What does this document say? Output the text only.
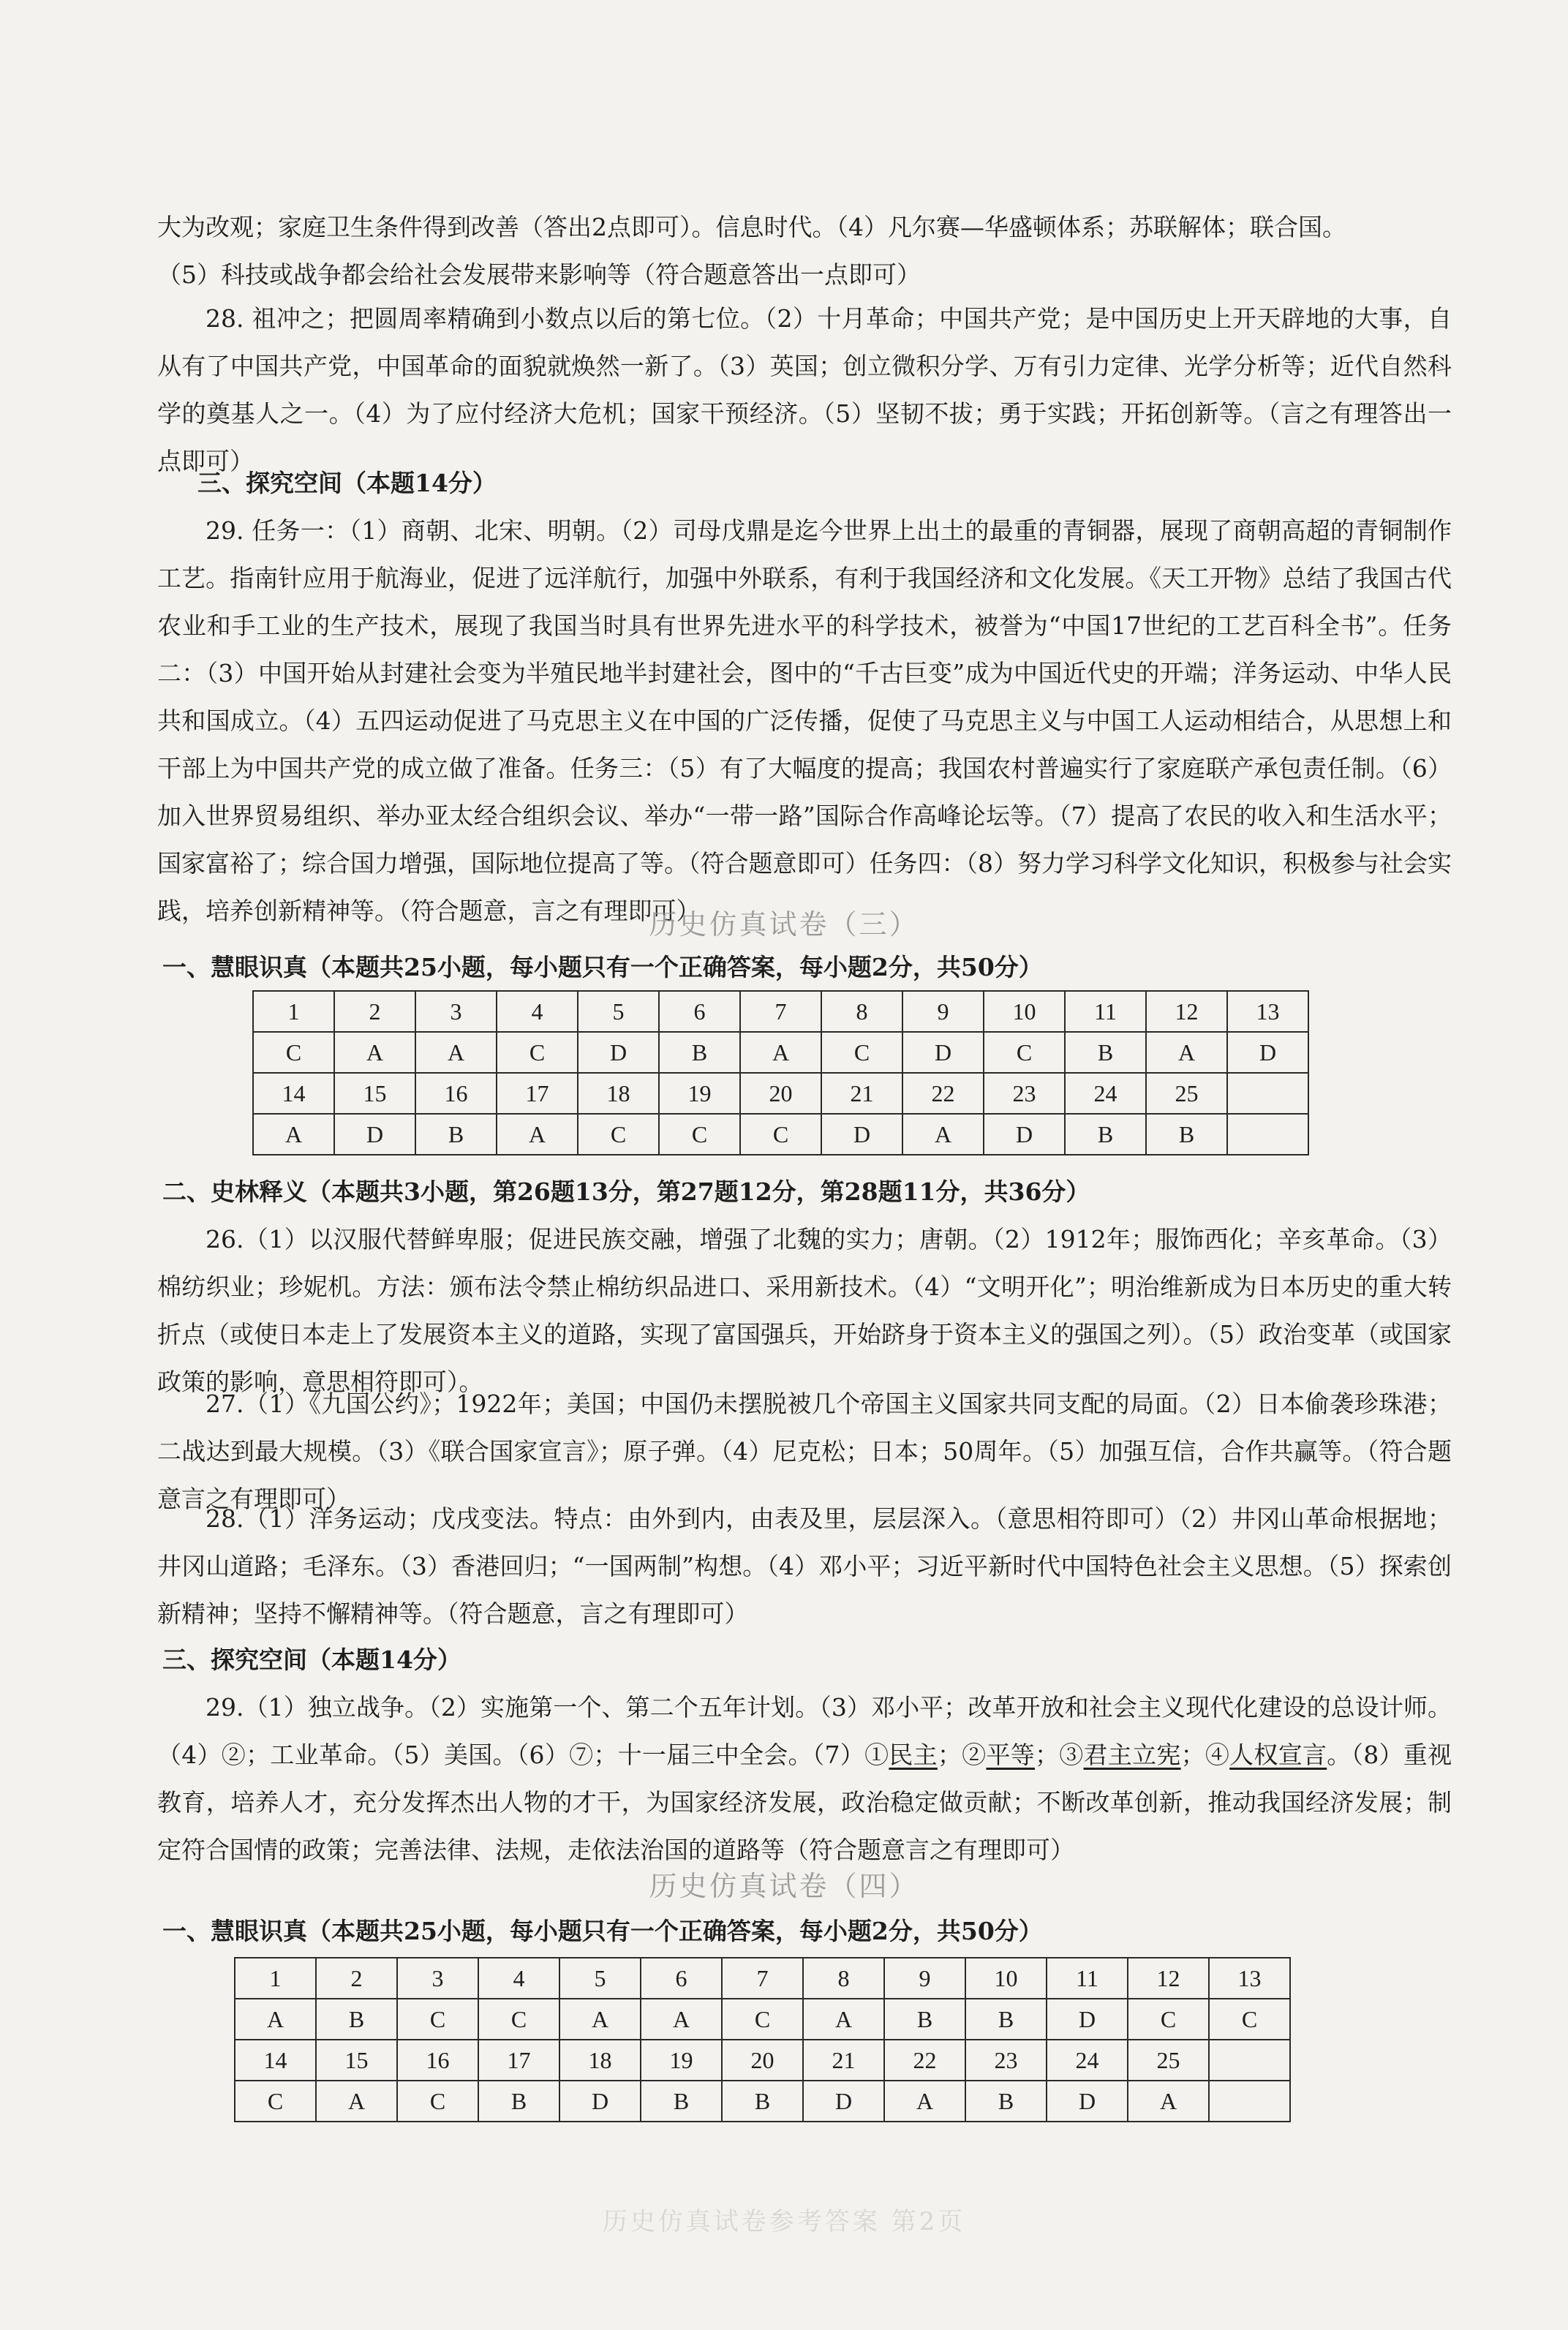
大为改观；家庭卫生条件得到改善（答出2点即可）。信息时代。（4）凡尔赛—华盛顿体系；苏联解体；联合国。
（5）科技或战争都会给社会发展带来影响等（符合题意答出一点即可）

28. 祖冲之；把圆周率精确到小数点以后的第七位。（2）十月革命；中国共产党；是中国历史上开天辟地的大事，自从有了中国共产党，中国革命的面貌就焕然一新了。（3）英国；创立微积分学、万有引力定律、光学分析等；近代自然科学的奠基人之一。（4）为了应付经济大危机；国家干预经济。（5）坚韧不拔；勇于实践；开拓创新等。（言之有理答出一点即可）

三、探究空间（本题14分）

29. 任务一：（1）商朝、北宋、明朝。（2）司母戊鼎是迄今世界上出土的最重的青铜器，展现了商朝高超的青铜制作工艺。指南针应用于航海业，促进了远洋航行，加强中外联系，有利于我国经济和文化发展。《天工开物》总结了我国古代农业和手工业的生产技术，展现了我国当时具有世界先进水平的科学技术，被誉为“中国17世纪的工艺百科全书”。任务二：（3）中国开始从封建社会变为半殖民地半封建社会，图中的“千古巨变”成为中国近代史的开端；洋务运动、中华人民共和国成立。（4）五四运动促进了马克思主义在中国的广泛传播，促使了马克思主义与中国工人运动相结合，从思想上和干部上为中国共产党的成立做了准备。任务三：（5）有了大幅度的提高；我国农村普遍实行了家庭联产承包责任制。（6）加入世界贸易组织、举办亚太经合组织会议、举办“一带一路”国际合作高峰论坛等。（7）提高了农民的收入和生活水平；国家富裕了；综合国力增强，国际地位提高了等。（符合题意即可）任务四：（8）努力学习科学文化知识，积极参与社会实践，培养创新精神等。（符合题意，言之有理即可）

历史仿真试卷（三）

一、慧眼识真（本题共25小题，每小题只有一个正确答案，每小题2分，共50分）

1	2	3	4	5	6	7	8	9	10	11	12	13
C	A	A	C	D	B	A	C	D	C	B	A	D
14	15	16	17	18	19	20	21	22	23	24	25	
A	D	B	A	C	C	C	D	A	D	B	B	

二、史林释义（本题共3小题，第26题13分，第27题12分，第28题11分，共36分）

26.（1）以汉服代替鲜卑服；促进民族交融，增强了北魏的实力；唐朝。（2）1912年；服饰西化；辛亥革命。（3）棉纺织业；珍妮机。方法：颁布法令禁止棉纺织品进口、采用新技术。（4）“文明开化”；明治维新成为日本历史的重大转折点（或使日本走上了发展资本主义的道路，实现了富国强兵，开始跻身于资本主义的强国之列）。（5）政治变革（或国家政策的影响，意思相符即可）。

27.（1）《九国公约》；1922年；美国；中国仍未摆脱被几个帝国主义国家共同支配的局面。（2）日本偷袭珍珠港；二战达到最大规模。（3）《联合国家宣言》；原子弹。（4）尼克松；日本；50周年。（5）加强互信，合作共赢等。（符合题意言之有理即可）

28.（1）洋务运动；戊戌变法。特点：由外到内，由表及里，层层深入。（意思相符即可）（2）井冈山革命根据地；井冈山道路；毛泽东。（3）香港回归；“一国两制”构想。（4）邓小平；习近平新时代中国特色社会主义思想。（5）探索创新精神；坚持不懈精神等。（符合题意，言之有理即可）

三、探究空间（本题14分）

29.（1）独立战争。（2）实施第一个、第二个五年计划。（3）邓小平；改革开放和社会主义现代化建设的总设计师。（4）②；工业革命。（5）美国。（6）⑦；十一届三中全会。（7）①民主；②平等；③君主立宪；④人权宣言。（8）重视教育，培养人才，充分发挥杰出人物的才干，为国家经济发展，政治稳定做贡献；不断改革创新，推动我国经济发展；制定符合国情的政策；完善法律、法规，走依法治国的道路等（符合题意言之有理即可）

历史仿真试卷（四）

一、慧眼识真（本题共25小题，每小题只有一个正确答案，每小题2分，共50分）

1	2	3	4	5	6	7	8	9	10	11	12	13
A	B	C	C	A	A	C	A	B	B	D	C	C
14	15	16	17	18	19	20	21	22	23	24	25	
C	A	C	B	D	B	B	D	A	B	D	A	
历史仿真试卷参考答案 第2页
